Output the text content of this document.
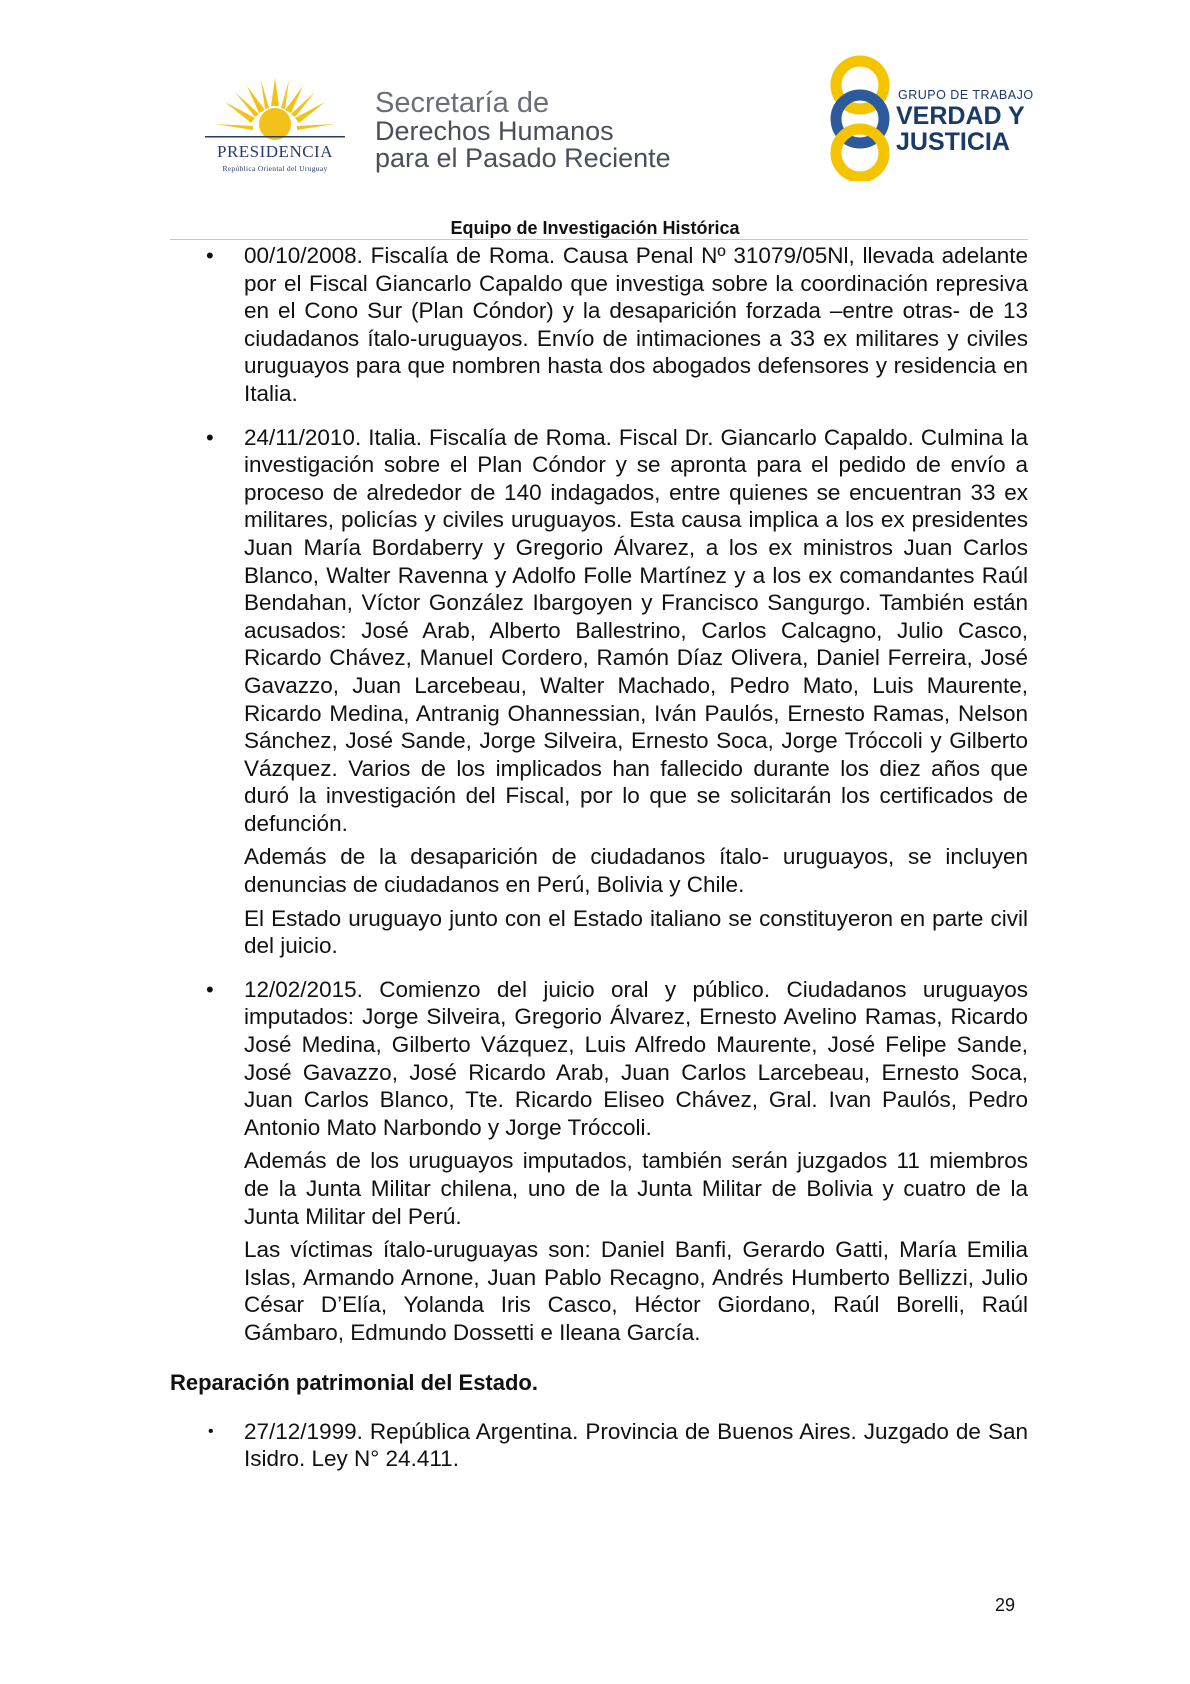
PRESIDENCIA
República Oriental del Uruguay
Secretaría de
Derechos Humanos
para el Pasado Reciente
GRUPO DE TRABAJO
VERDAD Y
JUSTICIA
Equipo de Investigación Histórica
• 00/10/2008. Fiscalía de Roma. Causa Penal Nº 31079/05Nl, llevada adelante por el Fiscal Giancarlo Capaldo que investiga sobre la coordinación represiva en el Cono Sur (Plan Cóndor) y la desaparición forzada –entre otras- de 13 ciudadanos ítalo-uruguayos. Envío de intimaciones a 33 ex militares y civiles uruguayos para que nombren hasta dos abogados defensores y residencia en Italia.

• 24/11/2010. Italia. Fiscalía de Roma. Fiscal Dr. Giancarlo Capaldo. Culmina la investigación sobre el Plan Cóndor y se apronta para el pedido de envío a proceso de alrededor de 140 indagados, entre quienes se encuentran 33 ex militares, policías y civiles uruguayos. Esta causa implica a los ex presidentes Juan María Bordaberry y Gregorio Álvarez, a los ex ministros Juan Carlos Blanco, Walter Ravenna y Adolfo Folle Martínez y a los ex comandantes Raúl Bendahan, Víctor González Ibargoyen y Francisco Sangurgo. También están acusados: José Arab, Alberto Ballestrino, Carlos Calcagno, Julio Casco, Ricardo Chávez, Manuel Cordero, Ramón Díaz Olivera, Daniel Ferreira, José Gavazzo, Juan Larcebeau, Walter Machado, Pedro Mato, Luis Maurente, Ricardo Medina, Antranig Ohannessian, Iván Paulós, Ernesto Ramas, Nelson Sánchez, José Sande, Jorge Silveira, Ernesto Soca, Jorge Tróccoli y Gilberto Vázquez. Varios de los implicados han fallecido durante los diez años que duró la investigación del Fiscal, por lo que se solicitarán los certificados de defunción.

Además de la desaparición de ciudadanos ítalo- uruguayos, se incluyen denuncias de ciudadanos en Perú, Bolivia y Chile.

El Estado uruguayo junto con el Estado italiano se constituyeron en parte civil del juicio.

• 12/02/2015. Comienzo del juicio oral y público. Ciudadanos uruguayos imputados: Jorge Silveira, Gregorio Álvarez, Ernesto Avelino Ramas, Ricardo José Medina, Gilberto Vázquez, Luis Alfredo Maurente, José Felipe Sande, José Gavazzo, José Ricardo Arab, Juan Carlos Larcebeau, Ernesto Soca, Juan Carlos Blanco, Tte. Ricardo Eliseo Chávez, Gral. Ivan Paulós, Pedro Antonio Mato Narbondo y Jorge Tróccoli.

Además de los uruguayos imputados, también serán juzgados 11 miembros de la Junta Militar chilena, uno de la Junta Militar de Bolivia y cuatro de la Junta Militar del Perú.

Las víctimas ítalo-uruguayas son: Daniel Banfi, Gerardo Gatti, María Emilia Islas, Armando Arnone, Juan Pablo Recagno, Andrés Humberto Bellizzi, Julio César D’Elía, Yolanda Iris Casco, Héctor Giordano, Raúl Borelli, Raúl Gámbaro, Edmundo Dossetti e Ileana García.

Reparación patrimonial del Estado.
• 27/12/1999. República Argentina. Provincia de Buenos Aires. Juzgado de San Isidro. Ley N° 24.411.

29
